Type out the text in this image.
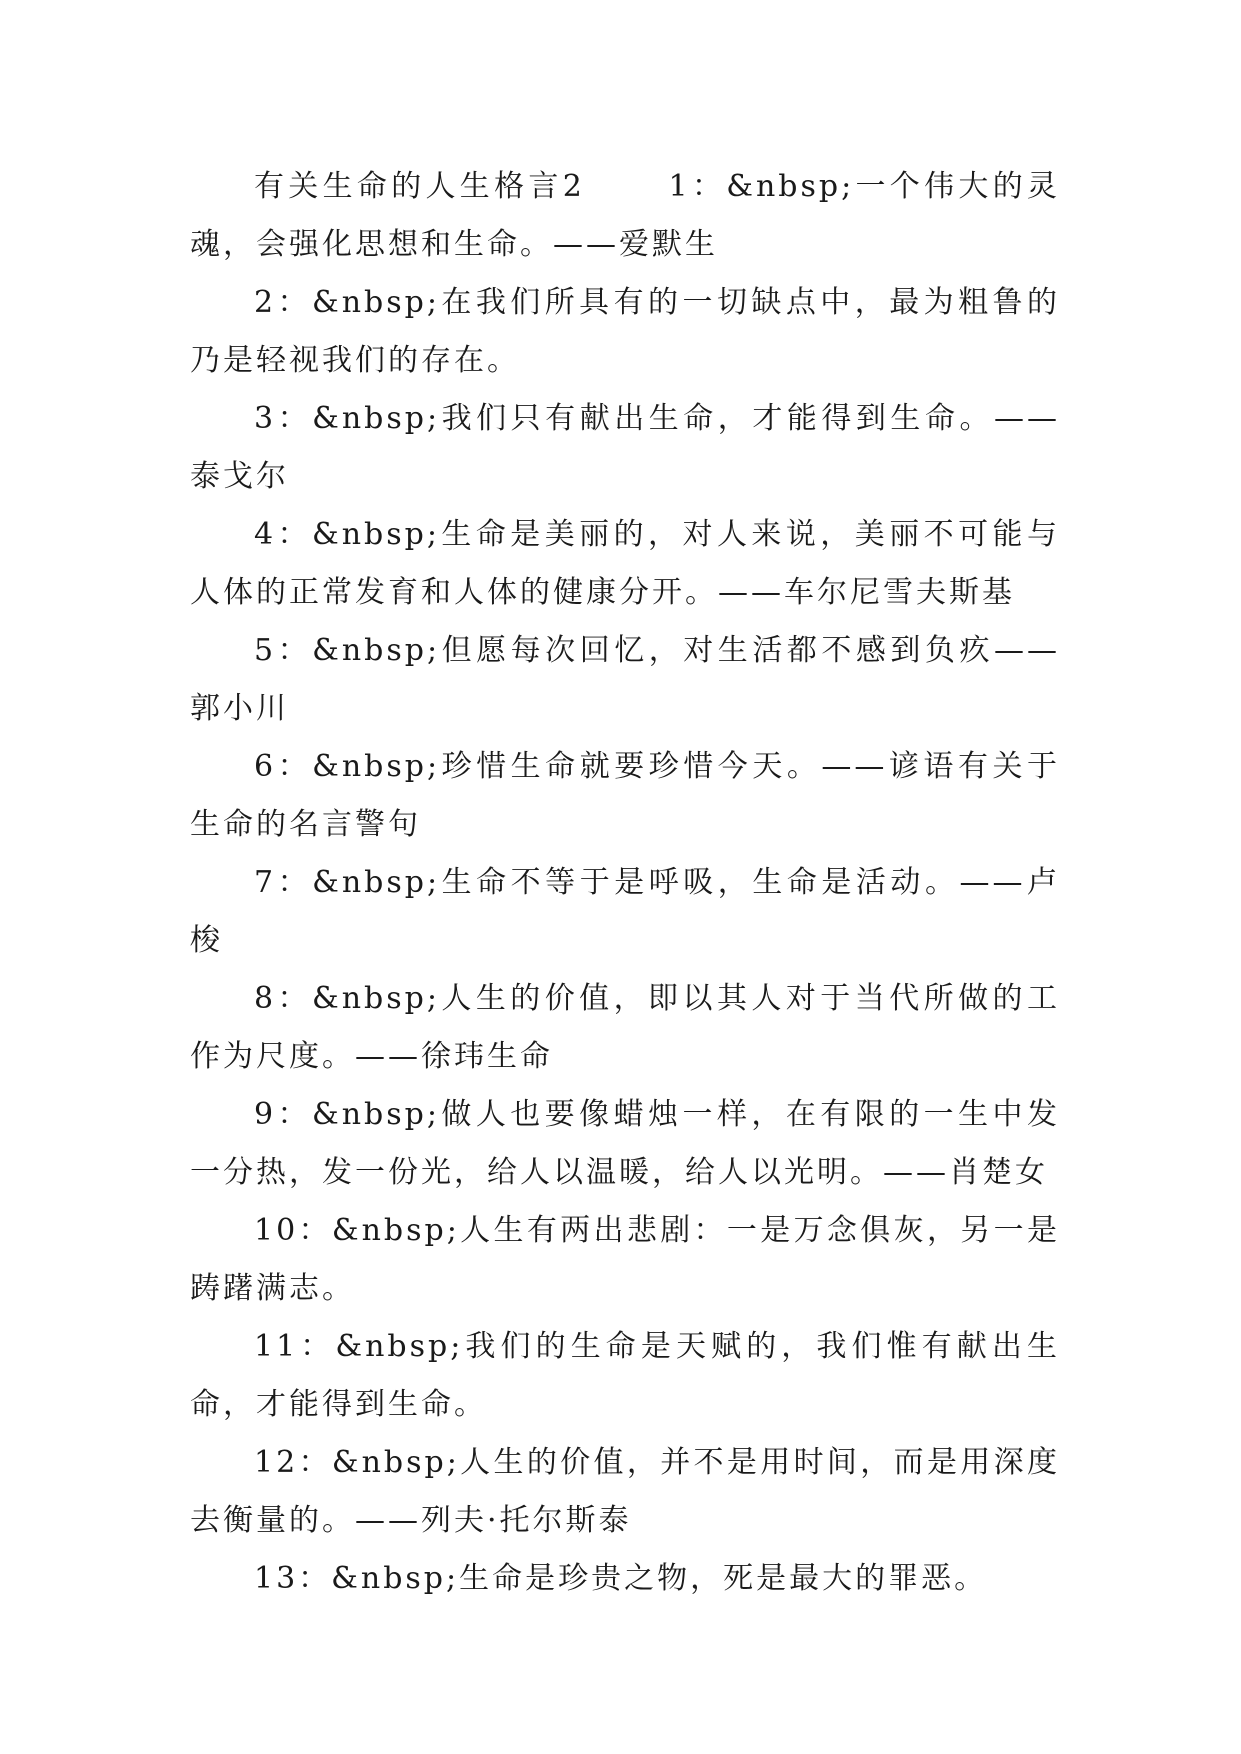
有关生命的人生格言2　　 1：&nbsp;一个伟大的灵魂，会强化思想和生命。——爱默生

2：&nbsp;在我们所具有的一切缺点中，最为粗鲁的乃是轻视我们的存在。

3：&nbsp;我们只有献出生命，才能得到生命。——泰戈尔

4：&nbsp;生命是美丽的，对人来说，美丽不可能与人体的正常发育和人体的健康分开。——车尔尼雪夫斯基

5：&nbsp;但愿每次回忆，对生活都不感到负疚——郭小川

6：&nbsp;珍惜生命就要珍惜今天。——谚语有关于生命的名言警句

7：&nbsp;生命不等于是呼吸，生命是活动。——卢梭

8：&nbsp;人生的价值，即以其人对于当代所做的工作为尺度。——徐玮生命

9：&nbsp;做人也要像蜡烛一样，在有限的一生中发一分热，发一份光，给人以温暖，给人以光明。——肖楚女

10：&nbsp;人生有两出悲剧：一是万念俱灰，另一是踌躇满志。

11：&nbsp;我们的生命是天赋的，我们惟有献出生命，才能得到生命。

12：&nbsp;人生的价值，并不是用时间，而是用深度去衡量的。——列夫·托尔斯泰

13：&nbsp;生命是珍贵之物，死是最大的罪恶。
